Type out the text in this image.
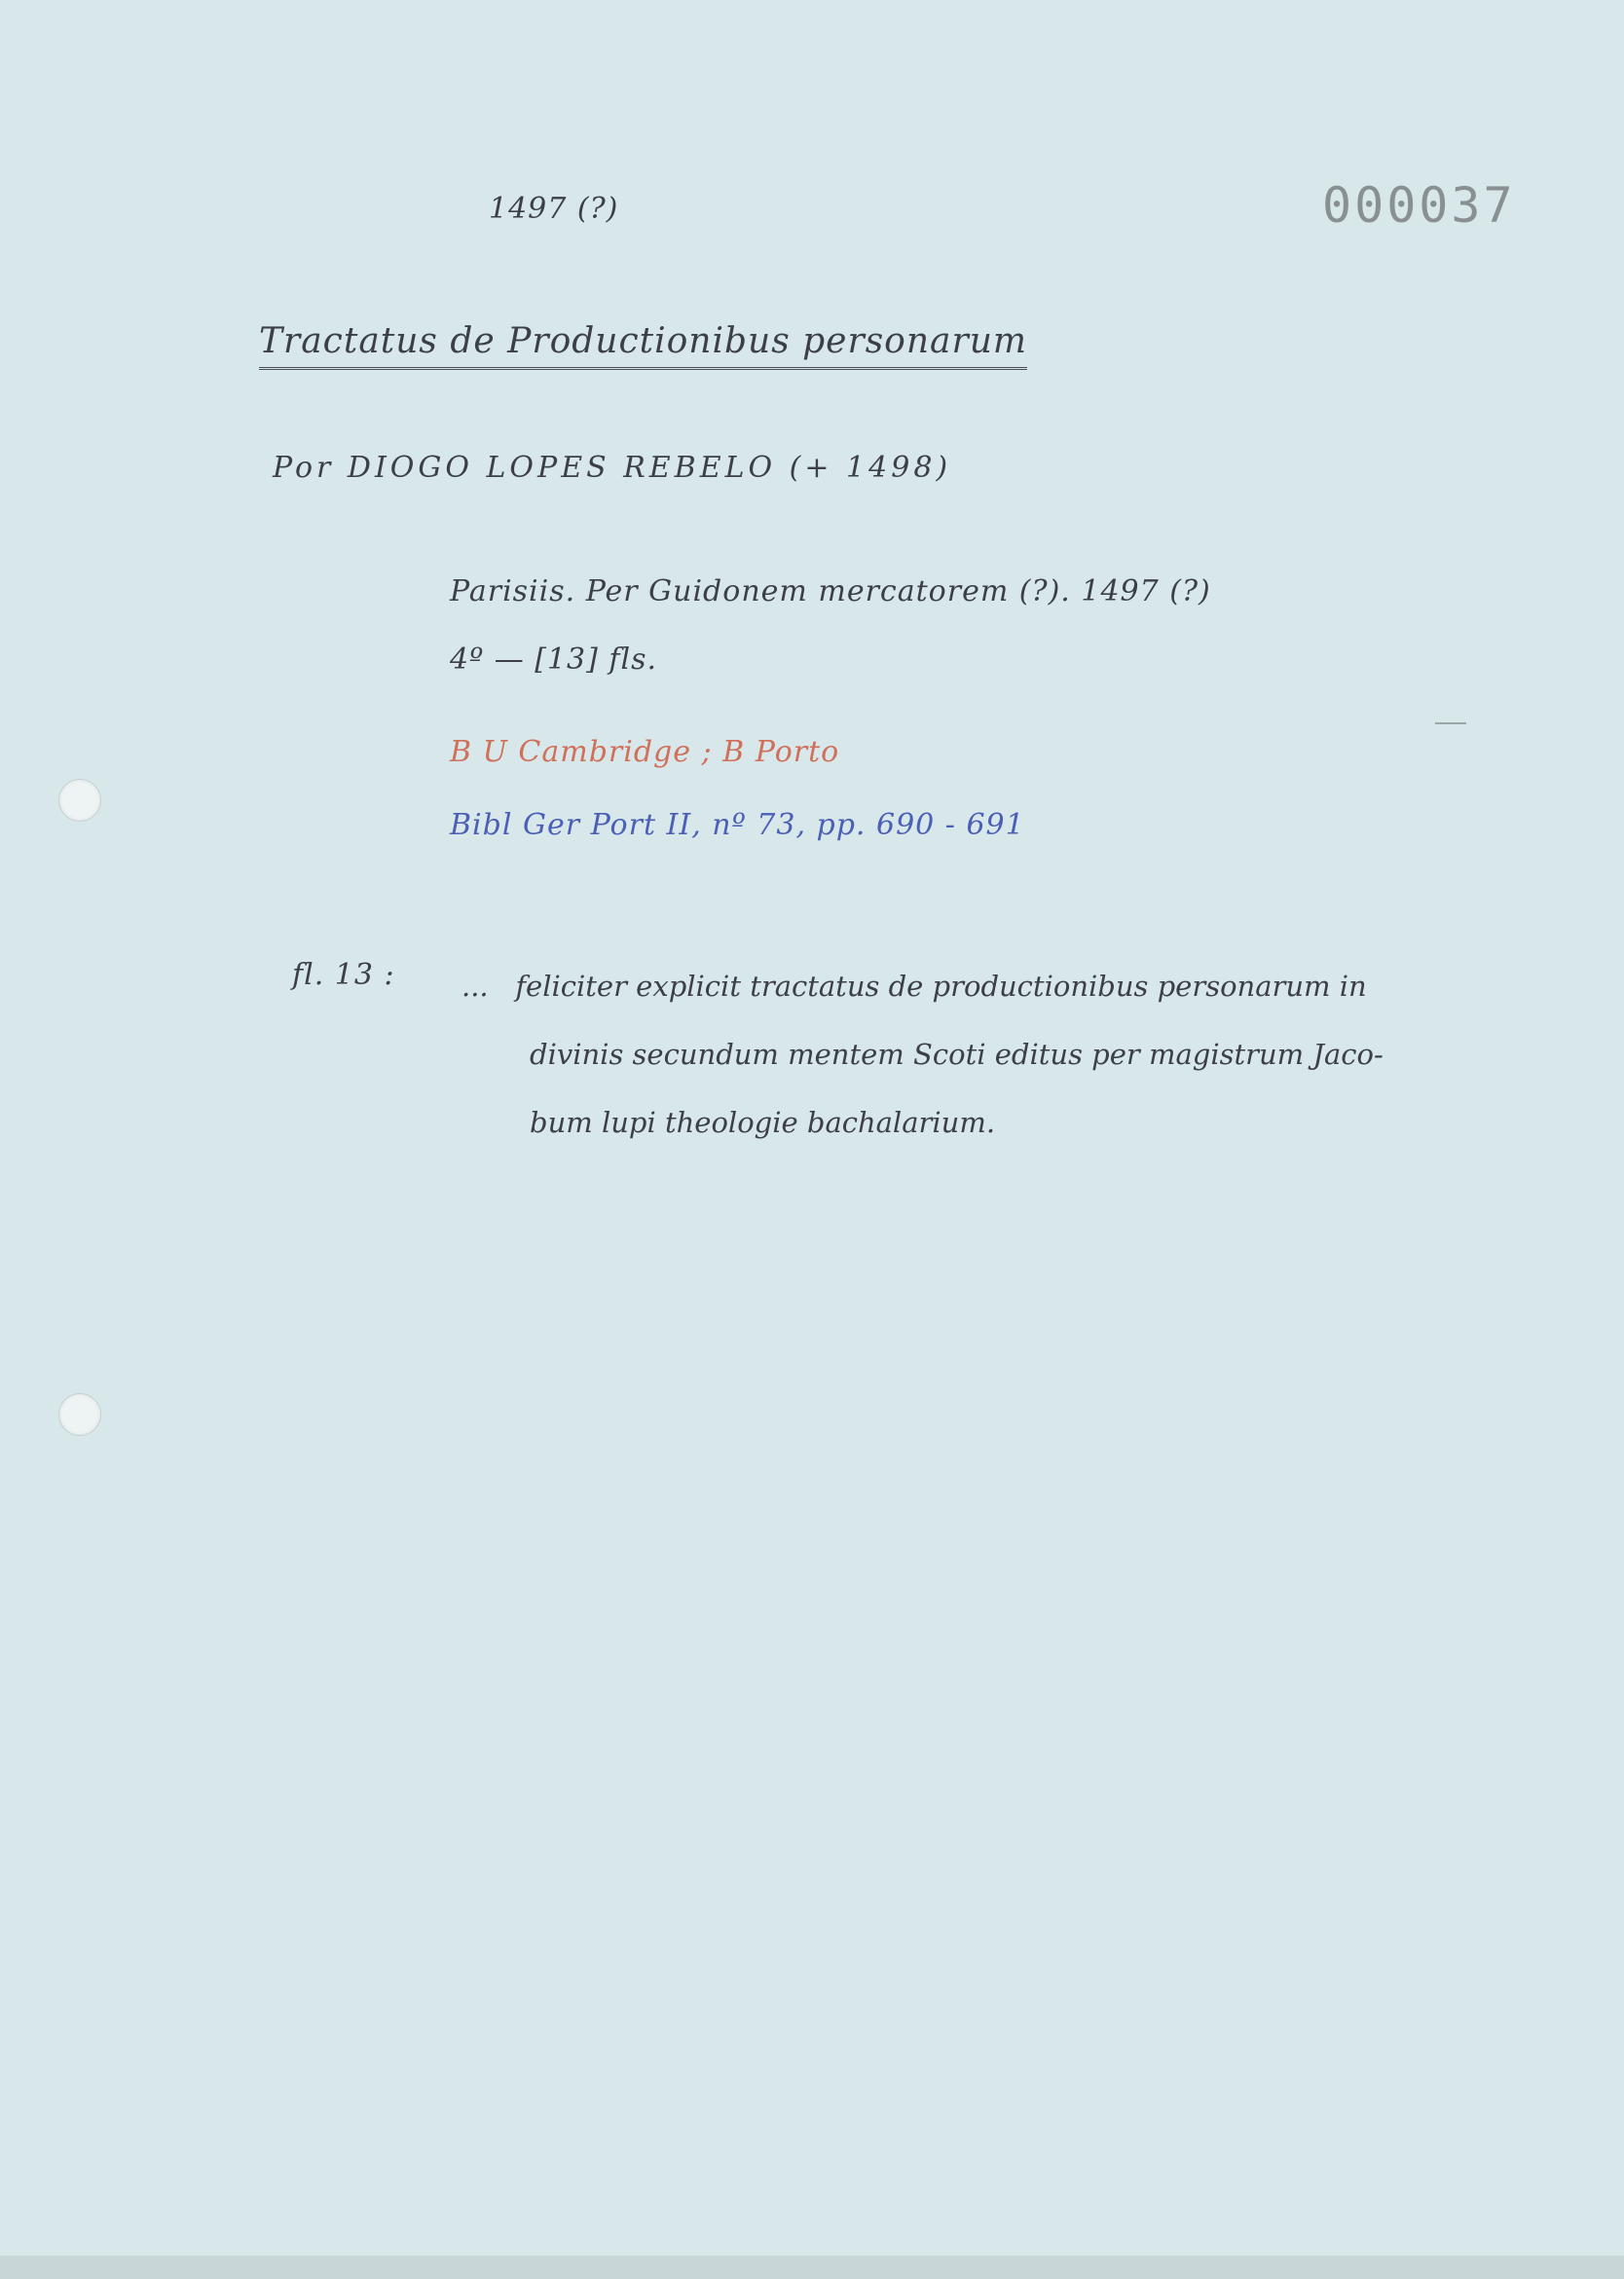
000037
1497 (?)
Tractatus de Productionibus personarum
Por DIOGO LOPES REBELO (+ 1498)
Parisiis. Per Guidonem mercatorem (?). 1497 (?)
4º — [13] fls.
B U Cambridge ; B Porto
Bibl Ger Port II, nº 73, pp. 690 - 691
fl. 13 : ... feliciter explicit tractatus de productionibus personarum in
divinis secundum mentem Scoti editus per magistrum Jaco-
bum lupi theologie bachalarium.
